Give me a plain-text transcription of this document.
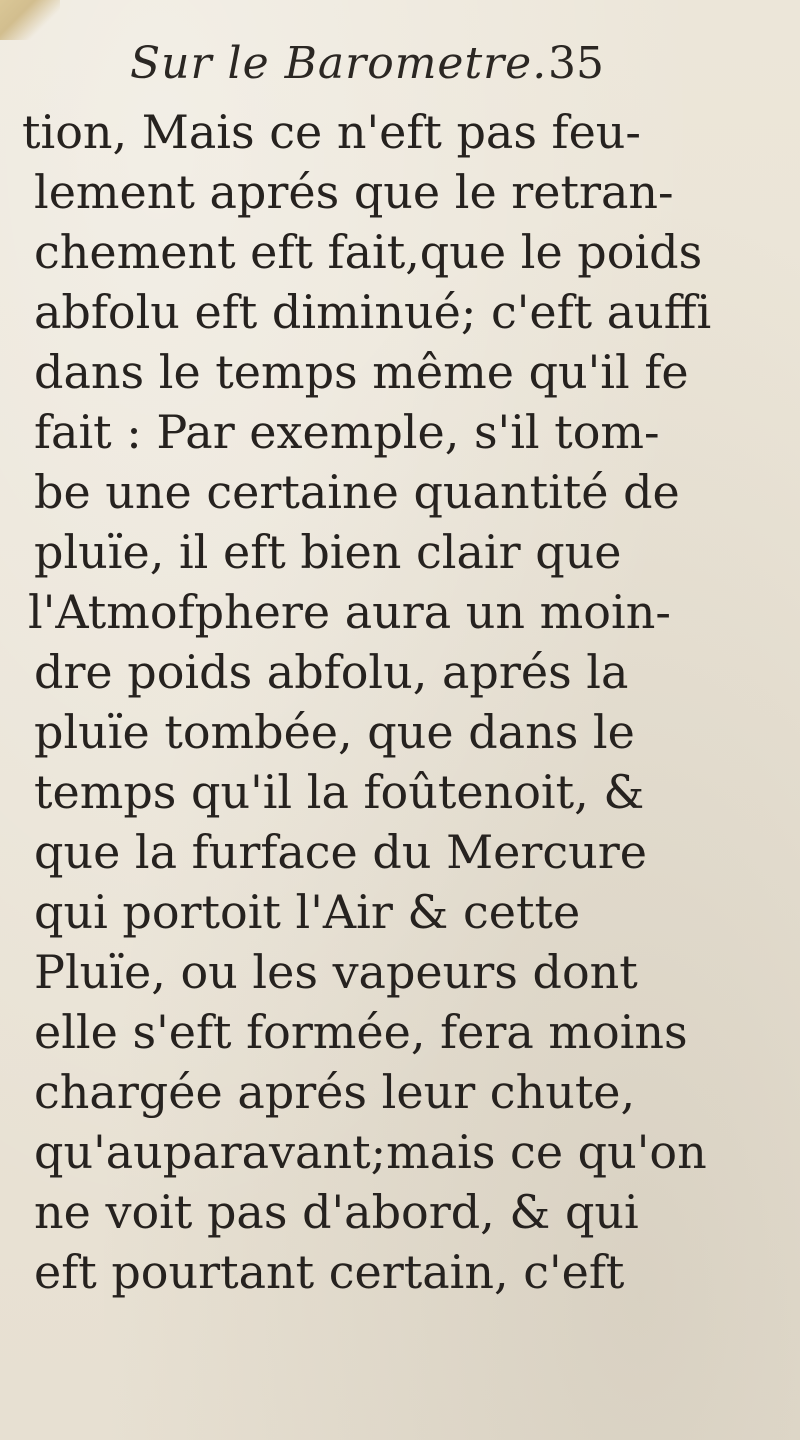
Sur le Barometre. 35
tion, Mais ce n'eft pas feu-
lement aprés que le retran-
chement eft fait,que le poids
abfolu eft diminué; c'eft auffi
dans le temps même qu'il fe
fait : Par exemple, s'il tom-
be une certaine quantité de
pluïe, il eft bien clair que
l'Atmofphere aura un moin-
dre poids abfolu, aprés la
pluïe tombée, que dans le
temps qu'il la foûtenoit, &
que la furface du Mercure
qui portoit l'Air & cette
Pluïe, ou les vapeurs dont
elle s'eft formée, fera moins
chargée aprés leur chute,
qu'auparavant;mais ce qu'on
ne voit pas d'abord, & qui
eft pourtant certain, c'eft
